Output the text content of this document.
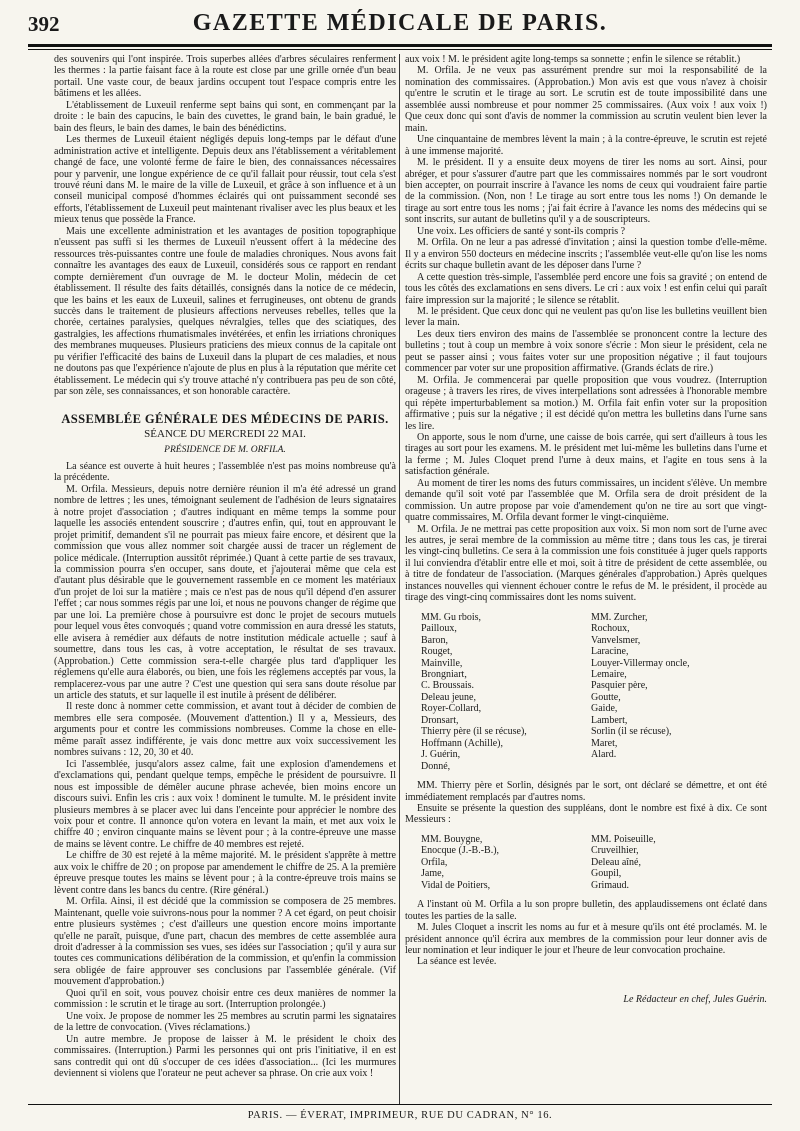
392	GAZETTE MÉDICALE DE PARIS.

des souvenirs qui l'ont inspirée. Trois superbes allées d'arbres séculaires renferment les thermes : la partie faisant face à la route est close par une grille ornée d'un beau portail. Une vaste cour, de beaux jardins occupent tout l'espace compris entre les bâtimens et les allées.

L'établissement de Luxeuil renferme sept bains qui sont, en commençant par la droite : le bain des capucins, le bain des cuvettes, le grand bain, le bain gradué, le bain des fleurs, le bain des dames, le bain des bénédictins.

Les thermes de Luxeuil étaient négligés depuis long-temps par le défaut d'une administration active et intelligente. Depuis deux ans l'établissement a véritablement changé de face, une volonté ferme de faire le bien, des connaissances nécessaires pour y parvenir, une longue expérience de ce qu'il fallait pour réussir, tout cela s'est trouvé réuni dans M. le maire de la ville de Luxeuil, et grâce à son influence et à un conseil municipal composé d'hommes éclairés qui ont puissamment secondé ses efforts, l'établissement de Luxeuil peut maintenant rivaliser avec les plus beaux et les mieux tenus que possède la France.

Mais une excellente administration et les avantages de position topographique n'eussent pas suffi si les thermes de Luxeuil n'eussent offert à la médecine des ressources très-puissantes contre une foule de maladies chroniques. Nous avons fait connaître les avantages des eaux de Luxeuil, considérés sous ce rapport en rendant compte dernièrement d'un ouvrage de M. le docteur Molin, médecin de cet établissement. Il résulte des faits détaillés, consignés dans la notice de ce médecin, que les bains et les eaux de Luxeuil, salines et ferrugineuses, ont obtenu de grands succès dans le traitement de plusieurs affections nerveuses rebelles, telles que la chorée, certaines paralysies, quelques névralgies, telles que des sciatiques, des gastralgies, les affections rhumatismales invétérées, et enfin les irriations chroniques des membranes muqueuses. Plusieurs praticiens des mieux connus de la capitale ont pu vérifier l'efficacité des bains de Luxeuil dans la plupart de ces maladies, et nous ne doutons pas que l'expérience n'ajoute de plus en plus à la réputation que mérite cet établissement. Le médecin qui s'y trouve attaché n'y contribuera pas peu de son côté, par son zèle, ses connaissances, et son honorable caractère.

ASSEMBLÉE GÉNÉRALE DES MÉDECINS DE PARIS.
SÉANCE DU MERCREDI 22 MAI.
PRÉSIDENCE DE M. ORFILA.

La séance est ouverte à huit heures ; l'assemblée n'est pas moins nombreuse qu'à la précédente.

M. Orfila. Messieurs, depuis notre dernière réunion il m'a été adressé un grand nombre de lettres ; les unes, témoignant seulement de l'adhésion de leurs signataires à notre projet d'association ; d'autres indiquant en même temps la somme pour laquelle les associés entendent souscrire ; d'autres enfin, qui, tout en approuvant le projet primitif, demandent s'il ne pourrait pas mieux faire encore, et désirent que la commission que vous allez nommer soit chargée aussi de tracer un réglement de police médicale. (Interruption aussitôt réprimée.) Quant à cette partie de ses travaux, la commission pourra s'en occuper, sans doute, et j'ajouterai même que cela est d'autant plus désirable que le gouvernement rassemble en ce moment les matériaux d'un projet de loi sur la matière ; mais ce n'est pas de nous qu'il dépend d'en assurer l'effet ; car nous sommes régis par une loi, et nous ne pouvons changer de régime que par une loi. La première chose à poursuivre est donc le projet de secours mutuels pour lequel vous êtes convoqués ; quand votre commission en aura dressé les statuts, elle avisera à remédier aux défauts de notre institution médicale actuelle ; sauf à soumettre, dans tous les cas, à votre acceptation, le résultat de ses travaux. (Approbation.) Cette commission sera-t-elle chargée plus tard d'appliquer les réglemens qu'elle aura élaborés, ou bien, une fois les réglemens acceptés par vous, la remplacerez-vous par une autre ? C'est une question qui sera sans doute résolue par un article des statuts, et sur laquelle il est inutile à présent de délibérer.

Il reste donc à nommer cette commission, et avant tout à décider de combien de membres elle sera composée. (Mouvement d'attention.) Il y a, Messieurs, des arguments pour et contre les commissions nombreuses. Comme la chose en elle-même paraît assez indifférente, je vais donc mettre aux voix successivement les nombres suivans : 12, 20, 30 et 40.

Ici l'assemblée, jusqu'alors assez calme, fait une explosion d'amendemens et d'exclamations qui, pendant quelque temps, empêche le président de poursuivre. Il nous est impossible de démêler aucune phrase achevée, bien moins encore un discours suivi. Enfin les cris : aux voix ! dominent le tumulte. M. le président invite plusieurs membres à se placer avec lui dans l'enceinte pour apprécier le nombre des voix pour et contre. Il annonce qu'on votera en levant la main, et met aux voix le chiffre 40 ; environ cinquante mains se lèvent pour ; à la contre-épreuve une masse de mains se lèvent contre. Le chiffre de 40 membres est rejeté.

Le chiffre de 30 est rejeté à la même majorité. M. le président s'apprête à mettre aux voix le chiffre de 20 ; on propose par amendement le chiffre de 25. A la première épreuve presque toutes les mains se lèvent pour ; à la contre-épreuve trois mains se lèvent contre dans les bancs du centre. (Rire général.)

M. Orfila. Ainsi, il est décidé que la commission se composera de 25 membres. Maintenant, quelle voie suivrons-nous pour la nommer ? A cet égard, on peut choisir entre plusieurs systèmes ; c'est d'ailleurs une question encore moins importante qu'elle ne paraît, puisque, d'une part, chacun des membres de cette assemblée aura droit d'adresser à la commission ses vues, ses idées sur l'association ; qu'il y aura sur toutes ces communications délibération de la commission, et qu'enfin la commission sera obligée de faire approuver ses conclusions par l'assemblée générale. (Vif mouvement d'approbation.)

Quoi qu'il en soit, vous pouvez choisir entre ces deux manières de nommer la commission : le scrutin et le tirage au sort. (Interruption prolongée.)

Une voix. Je propose de nommer les 25 membres au scrutin parmi les signataires de la lettre de convocation. (Vives réclamations.)

Un autre membre. Je propose de laisser à M. le président le choix des commissaires. (Interruption.) Parmi les personnes qui ont pris l'initiative, il en est sans contredit qui ont dû s'occuper de ces idées d'association... (Ici les murmures deviennent si violens que l'orateur ne peut achever sa phrase. On crie aux voix !

aux voix ! M. le président agite long-temps sa sonnette ; enfin le silence se rétablit.)

M. Orfila. Je ne veux pas assurément prendre sur moi la responsabilité de la nomination des commissaires. (Approbation.) Mon avis est que vous n'avez à choisir qu'entre le scrutin et le tirage au sort. Le scrutin est de toute impossibilité dans une assemblée aussi nombreuse et pour nommer 25 commissaires. (Aux voix ! aux voix !) Que ceux donc qui sont d'avis de nommer la commission au scrutin veulent bien lever la main.

Une cinquantaine de membres lèvent la main ; à la contre-épreuve, le scrutin est rejeté à une immense majorité.

M. le président. Il y a ensuite deux moyens de tirer les noms au sort. Ainsi, pour abréger, et pour s'assurer d'autre part que les commissaires nommés par le sort voudront bien accepter, on pourrait inscrire à l'avance les noms de ceux qui voudraient faire partie de la commission. (Non, non ! Le tirage au sort entre tous les noms !) On demande le tirage au sort entre tous les noms ; j'ai fait écrire à l'avance les noms des médecins qui se sont inscrits, sur autant de bulletins qu'il y a de souscripteurs.

Une voix. Les officiers de santé y sont-ils compris ?

M. Orfila. On ne leur a pas adressé d'invitation ; ainsi la question tombe d'elle-même. Il y a environ 550 docteurs en médecine inscrits ; l'assemblée veut-elle qu'on lise les noms écrits sur chaque bulletin avant de les déposer dans l'urne ?

A cette question très-simple, l'assemblée perd encore une fois sa gravité ; on entend de tous les côtés des exclamations en sens divers. Le cri : aux voix ! est enfin celui qui paraît faire impression sur la majorité ; le silence se rétablit.

M. le président. Que ceux donc qui ne veulent pas qu'on lise les bulletins veuillent bien lever la main.

Les deux tiers environ des mains de l'assemblée se prononcent contre la lecture des bulletins ; tout à coup un membre à voix sonore s'écrie : Mon sieur le président, cela ne peut se passer ainsi ; vous faites voter sur une proposition négative ; il faut toujours commencer par voter sur une proposition affirmative. (Grands éclats de rire.)

M. Orfila. Je commencerai par quelle proposition que vous voudrez. (Interruption orageuse ; à travers les rires, de vives interpellations sont adressées à l'honorable membre qui répète imperturbablement sa motion.) M. Orfila fait enfin voter sur la proposition affirmative ; puis sur la négative ; il est décidé qu'on mettra les bulletins dans l'urne sans les lire.

On apporte, sous le nom d'urne, une caisse de bois carrée, qui sert d'ailleurs à tous les tirages au sort pour les examens. M. le président met lui-même les bulletins dans l'urne et la ferme ; M. Jules Cloquet prend l'urne à deux mains, et l'agite en tous sens à la satisfaction générale.

Au moment de tirer les noms des futurs commissaires, un incident s'élève. Un membre demande qu'il soit voté par l'assemblée que M. Orfila sera de droit président de la commission. Un autre propose par voie d'amendement qu'on ne tire au sort que vingt-quatre commissaires, M. Orfila devant former le vingt-cinquième.

M. Orfila. Je ne mettrai pas cette proposition aux voix. Si mon nom sort de l'urne avec les autres, je serai membre de la commission au même titre ; dans tous les cas, je tirerai les vingt-cinq bulletins. Ce sera à la commission une fois constituée à juger quels rapports il lui conviendra d'établir entre elle et moi, soit à titre de président de cette assemblée, ou à titre de fondateur de l'association. (Marques générales d'approbation.) Après quelques instances nouvelles qui viennent échouer contre le refus de M. le président, il procède au tirage des vingt-cinq commissaires dont les noms suivent.

MM. Gu rbois,	MM. Zurcher,
Pailloux,	Rochoux,
Baron,	Vanvelsmer,
Rouget,	Laracine,
Mainville,	Louyer-Villermay oncle,
Brongniart,	Lemaire,
C. Broussais.	Pasquier père,
Deleau jeune,	Goutte,
Royer-Collard,	Gaide,
Dronsart,	Lambert,
Thierry père (il se récuse),	Sorlin (il se récuse),
Hoffmann (Achille),	Maret,
J. Guérin,	Alard.
Donné,

MM. Thierry père et Sorlin, désignés par le sort, ont déclaré se démettre, et ont été immédiatement remplacés par d'autres noms.

Ensuite se présente la question des suppléans, dont le nombre est fixé à dix. Ce sont Messieurs :

MM. Bouygne,	MM. Poiseuille,
Enocque (J.-B.-B.),	Cruveilhier,
Orfila,	Deleau aîné,
Jame,	Goupil,
Vidal de Poitiers,	Grimaud.

A l'instant où M. Orfila a lu son propre bulletin, des applaudissemens ont éclaté dans toutes les parties de la salle.

M. Jules Cloquet a inscrit les noms au fur et à mesure qu'ils ont été proclamés. M. le président annonce qu'il écrira aux membres de la commission pour leur donner avis de leur nomination et leur indiquer le jour et l'heure de leur convocation prochaine.

La séance est levée.

Le Rédacteur en chef, Jules Guérin.
PARIS. — ÉVERAT, IMPRIMEUR, RUE DU CADRAN, N° 16.
